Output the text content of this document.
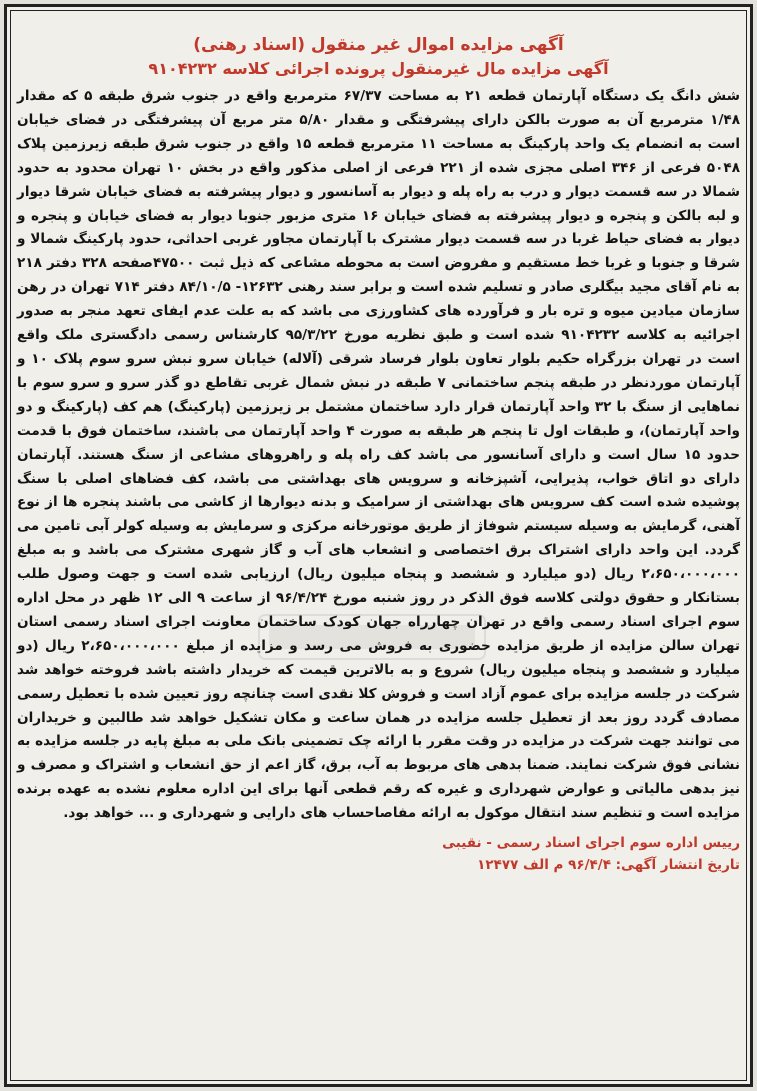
آگهی مزایده اموال غیر منقول (اسناد رهنی)
آگهی مزایده مال غیرمنقول پرونده اجرائی کلاسه ۹۱۰۴۲۳۲

شش دانگ یک دستگاه آپارتمان قطعه ۲۱ به مساحت ۶۷/۳۷ مترمربع واقع در جنوب شرق طبقه ۵ که مقدار ۱/۴۸ مترمربع آن به صورت بالکن دارای پیشرفتگی و مقدار ۵/۸۰ متر مربع آن پیشرفتگی در فضای خیابان است به انضمام یک واحد پارکینگ به مساحت ۱۱ مترمربع قطعه ۱۵ واقع در جنوب شرق طبقه زیرزمین پلاک ۵۰۴۸ فرعی از ۳۴۶ اصلی مجزی شده از ۲۲۱ فرعی از اصلی مذکور واقع در بخش ۱۰ تهران محدود به حدود شمالا در سه قسمت دیوار و درب به راه پله و دیوار به آسانسور و دیوار پیشرفته به فضای خیابان شرقا دیوار و لبه بالکن و پنجره و دیوار پیشرفته به فضای خیابان ۱۶ متری مزبور جنوبا دیوار به فضای خیابان و پنجره و دیوار به فضای حیاط غربا در سه قسمت دیوار مشترک با آپارتمان مجاور غربی احداثی، حدود پارکینگ شمالا و شرقا و جنوبا و غربا خط مستقیم و مفروض است به محوطه مشاعی که ذیل ثبت ۴۷۵۰۰صفحه ۳۲۸ دفتر ۲۱۸ به نام آقای مجید بیگلری صادر و تسلیم شده است و برابر سند رهنی ۱۲۶۳۲- ۸۴/۱۰/۵ دفتر ۷۱۴ تهران در رهن سازمان میادین میوه و تره بار و فرآورده های کشاورزی می باشد که به علت عدم ایفای تعهد منجر به صدور اجرائیه به کلاسه ۹۱۰۴۲۳۲ شده است و طبق نظریه مورخ ۹۵/۳/۲۲ کارشناس رسمی دادگستری ملک واقع است در تهران بزرگراه حکیم بلوار تعاون بلوار فرساد شرقی (آلاله) خیابان سرو نبش سرو سوم پلاک ۱۰ و آپارتمان موردنظر در طبقه پنجم ساختمانی ۷ طبقه در نبش شمال غربی تقاطع دو گذر سرو و سرو سوم با نماهایی از سنگ با ۳۲ واحد آپارتمان قرار دارد ساختمان مشتمل بر زیرزمین (پارکینگ) هم کف (پارکینگ و دو واحد آپارتمان)، و طبقات اول تا پنجم هر طبقه به صورت ۴ واحد آپارتمان می باشند، ساختمان فوق با قدمت حدود ۱۵ سال است و دارای آسانسور می باشد کف راه پله و راهروهای مشاعی از سنگ هستند. آپارتمان دارای دو اتاق خواب، پذیرایی، آشپزخانه و سرویس های بهداشتی می باشد، کف فضاهای اصلی با سنگ پوشیده شده است کف سرویس های بهداشتی از سرامیک و بدنه دیوارها از کاشی می باشند پنجره ها از نوع آهنی، گرمایش به وسیله سیستم شوفاژ از طریق موتورخانه مرکزی و سرمایش به وسیله کولر آبی تامین می گردد. این واحد دارای اشتراک برق اختصاصی و انشعاب های آب و گاز شهری مشترک می باشد و به مبلغ ۲،۶۵۰،۰۰۰،۰۰۰ ریال (دو میلیارد و ششصد و پنجاه میلیون ریال) ارزیابی شده است و جهت وصول طلب بستانکار و حقوق دولتی کلاسه فوق الذکر در روز شنبه مورخ ۹۶/۴/۲۴ از ساعت ۹ الی ۱۲ ظهر در محل اداره سوم اجرای اسناد رسمی واقع در تهران چهارراه جهان کودک ساختمان معاونت اجرای اسناد رسمی استان تهران سالن مزایده از طریق مزایده حضوری به فروش می رسد و مزایده از مبلغ ۲،۶۵۰،۰۰۰،۰۰۰ ریال (دو میلیارد و ششصد و پنجاه میلیون ریال) شروع و به بالاترین قیمت که خریدار داشته باشد فروخته خواهد شد شرکت در جلسه مزایده برای عموم آزاد است و فروش کلا نقدی است چنانچه روز تعیین شده با تعطیل رسمی مصادف گردد روز بعد از تعطیل جلسه مزایده در همان ساعت و مکان تشکیل خواهد شد طالبین و خریداران می توانند جهت شرکت در مزایده در وقت مقرر با ارائه چک تضمینی بانک ملی به مبلغ پایه در جلسه مزایده به نشانی فوق شرکت نمایند. ضمنا بدهی های مربوط به آب، برق، گاز اعم از حق انشعاب و اشتراک و مصرف و نیز بدهی مالیاتی و عوارض شهرداری و غیره که رقم قطعی آنها برای این اداره معلوم نشده به عهده برنده مزایده است و تنظیم سند انتقال موکول به ارائه مفاصاحساب های دارایی و شهرداری و ... خواهد بود.

رییس اداره سوم اجرای اسناد رسمی - نقیبی
تاریخ انتشار آگهی: ۹۶/۴/۴ م الف ۱۲۴۷۷
